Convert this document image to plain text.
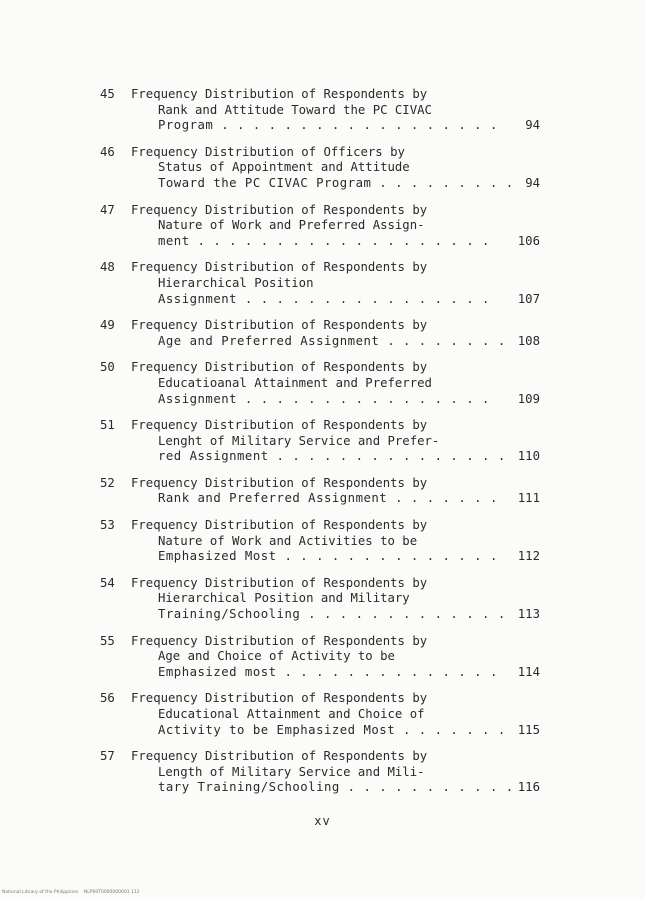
45 Frequency Distribution of Respondents by
Rank and Attitude Toward the PC CIVAC
Program . . . . . . . . . . . . . . . . . .	94
46 Frequency Distribution of Officers by
Status of Appointment and Attitude
Toward the PC CIVAC Program . . . . . . . . . 94
47 Frequency Distribution of Respondents by
Nature of Work and Preferred Assign-
ment . . . . . . . . . . . . . . . . . . .	106
48 Frequency Distribution of Respondents by
Hierarchical Position
Assignment . . . . . . . . . . . . . . . .	107
49 Frequency Distribution of Respondents by
Age and Preferred Assignment . . . . . . . . 108
50 Frequency Distribution of Respondents by
Educatioanal Attainment and Preferred
Assignment . . . . . . . . . . . . . . . .	109
51 Frequency Distribution of Respondents by
Lenght of Military Service and Prefer-
red Assignment . . . . . . . . . . . . . . . 110
52 Frequency Distribution of Respondents by
Rank and Preferred Assignment . . . . . . .	111
53 Frequency Distribution of Respondents by
Nature of Work and Activities to be
Emphasized Most . . . . . . . . . . . . . .	112
54 Frequency Distribution of Respondents by
Hierarchical Position and Military
Training/Schooling . . . . . . . . . . . . . 113
55 Frequency Distribution of Respondents by
Age and Choice of Activity to be
Emphasized most . . . . . . . . . . . . . .	114
56 Frequency Distribution of Respondents by
Educational Attainment and Choice of
Activity to be Emphasized Most . . . . . . . 115
57 Frequency Distribution of Respondents by
Length of Military Service and Mili-
tary Training/Schooling . . . . . . . . . . . 116
xv
National Library of the Philippines    NLP00T0000000003 112
